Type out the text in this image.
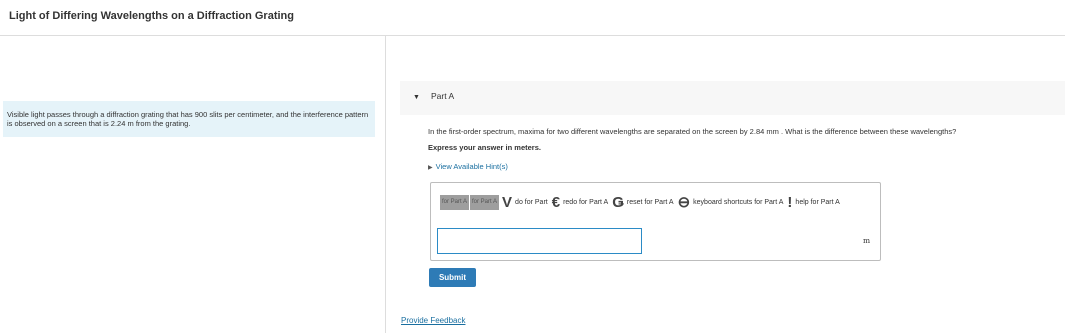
Light of Differing Wavelengths on a Diffraction Grating
Visible light passes through a diffraction grating that has 900 slits per centimeter, and the interference pattern is observed on a screen that is 2.24 m from the grating.
▼ Part A
In the first-order spectrum, maxima for two different wavelengths are separated on the screen by 2.84 mm . What is the difference between these wavelengths?
Express your answer in meters.
▶ View Available Hint(s)
for Part A for Part A V do for Part € redo for Part A Ǥ reset for Part A ⊖ keyboard shortcuts for Part A ǃ help for Part A
m
Submit
Provide Feedback
